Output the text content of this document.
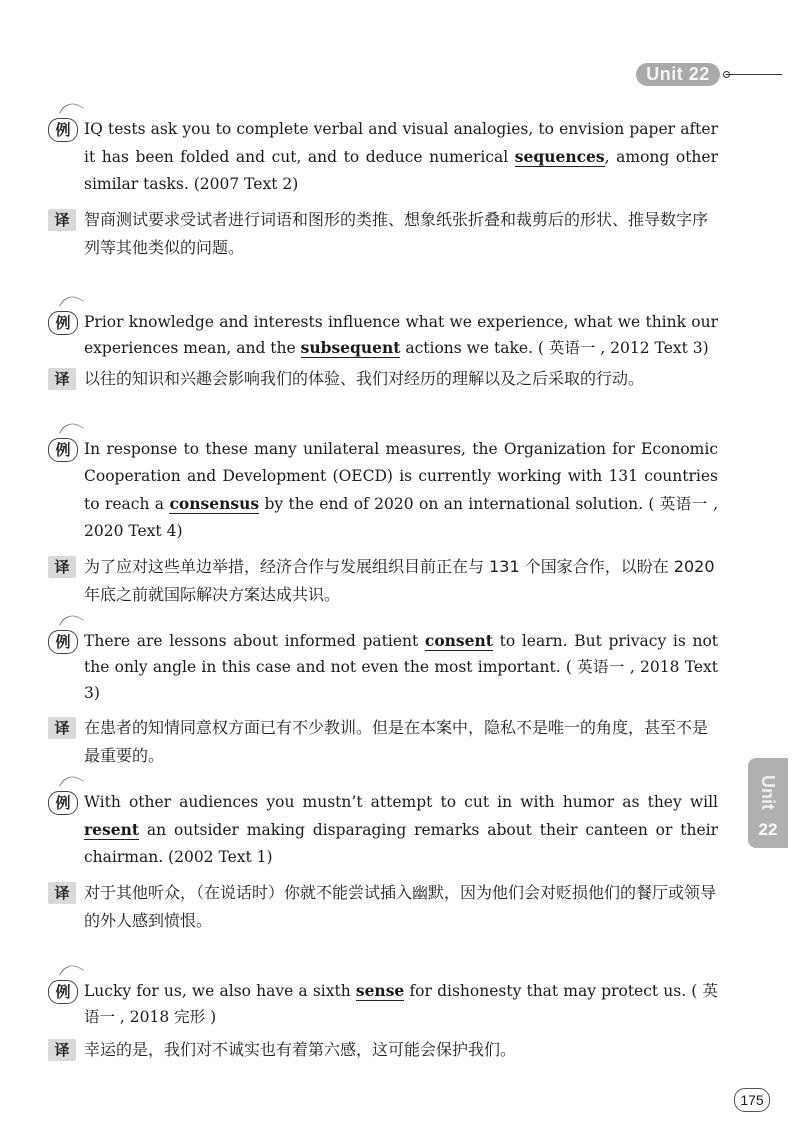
Unit 22
Unit
22
例 IQ tests ask you to complete verbal and visual analogies, to envision paper after it has been folded and cut, and to deduce numerical sequences, among other similar tasks. (2007 Text 2)
译 智商测试要求受试者进行词语和图形的类推、想象纸张折叠和裁剪后的形状、推导数字序列等其他类似的问题。
例 Prior knowledge and interests influence what we experience, what we think our experiences mean, and the subsequent actions we take. ( 英语一 , 2012 Text 3)
译 以往的知识和兴趣会影响我们的体验、我们对经历的理解以及之后采取的行动。
例 In response to these many unilateral measures, the Organization for Economic Cooperation and Development (OECD) is currently working with 131 countries to reach a consensus by the end of 2020 on an international solution. ( 英语一 , 2020 Text 4)
译 为了应对这些单边举措，经济合作与发展组织目前正在与 131 个国家合作，以盼在 2020 年底之前就国际解决方案达成共识。
例 There are lessons about informed patient consent to learn. But privacy is not the only angle in this case and not even the most important. ( 英语一 , 2018 Text 3)
译 在患者的知情同意权方面已有不少教训。但是在本案中，隐私不是唯一的角度，甚至不是最重要的。
例 With other audiences you mustn’t attempt to cut in with humor as they will resent an outsider making disparaging remarks about their canteen or their chairman. (2002 Text 1)
译 对于其他听众，（在说话时）你就不能尝试插入幽默，因为他们会对贬损他们的餐厅或领导的外人感到愤恨。
例 Lucky for us, we also have a sixth sense for dishonesty that may protect us. ( 英语一 , 2018 完形 )
译 幸运的是，我们对不诚实也有着第六感，这可能会保护我们。
175
